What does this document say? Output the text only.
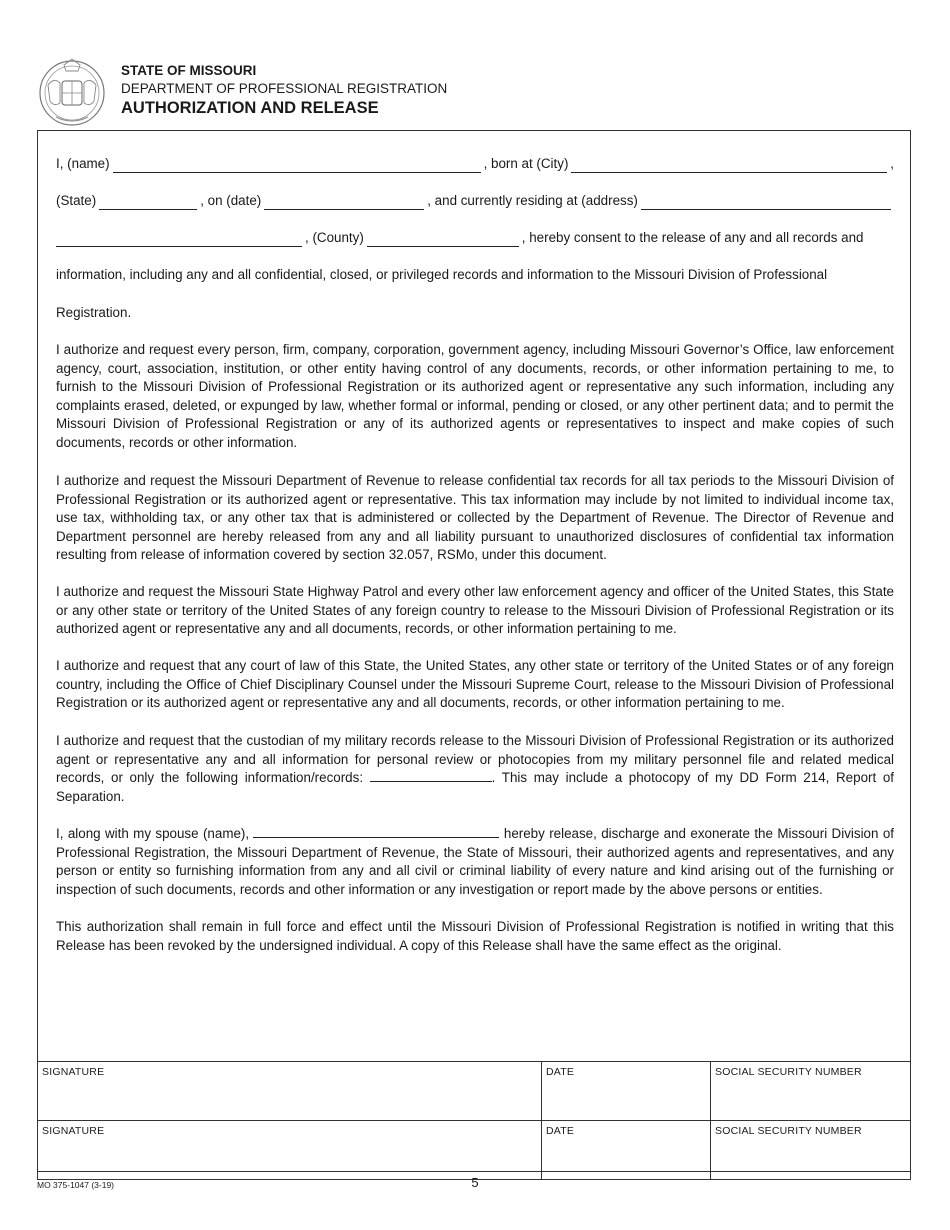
STATE OF MISSOURI
DEPARTMENT OF PROFESSIONAL REGISTRATION
AUTHORIZATION AND RELEASE
I, (name)	, born at (City)	,
(State)	, on (date)	, and currently residing at (address)
, (County)	, hereby consent to the release of any and all records and
information, including any and all confidential, closed, or privileged records and information to the Missouri Division of Professional
Registration.

I authorize and request every person, firm, company, corporation, government agency, including Missouri Governor’s Office, law enforcement agency, court, association, institution, or other entity having control of any documents, records, or other information pertaining to me, to furnish to the Missouri Division of Professional Registration or its authorized agent or representative any such information, including any complaints erased, deleted, or expunged by law, whether formal or informal, pending or closed, or any other pertinent data; and to permit the Missouri Division of Professional Registration or any of its authorized agents or representatives to inspect and make copies of such documents, records or other information.

I authorize and request the Missouri Department of Revenue to release confidential tax records for all tax periods to the Missouri Division of Professional Registration or its authorized agent or representative. This tax information may include by not limited to individual income tax, use tax, withholding tax, or any other tax that is administered or collected by the Department of Revenue. The Director of Revenue and Department personnel are hereby released from any and all liability pursuant to unauthorized disclosures of confidential tax information resulting from release of information covered by section 32.057, RSMo, under this document.

I authorize and request the Missouri State Highway Patrol and every other law enforcement agency and officer of the United States, this State or any other state or territory of the United States of any foreign country to release to the Missouri Division of Professional Registration or its authorized agent or representative any and all documents, records, or other information pertaining to me.

I authorize and request that any court of law of this State, the United States, any other state or territory of the United States or of any foreign country, including the Office of Chief Disciplinary Counsel under the Missouri Supreme Court, release to the Missouri Division of Professional Registration or its authorized agent or representative any and all documents, records, or other information pertaining to me.

I authorize and request that the custodian of my military records release to the Missouri Division of Professional Registration or its authorized agent or representative any and all information for personal review or photocopies from my military personnel file and related medical records, or only the following information/records:	. This may include a photocopy of my DD Form 214, Report of Separation.

I, along with my spouse (name),	hereby release, discharge and exonerate the Missouri Division of Professional Registration, the Missouri Department of Revenue, the State of Missouri, their authorized agents and representatives, and any person or entity so furnishing information from any and all civil or criminal liability of every nature and kind arising out of the furnishing or inspection of such documents, records and other information or any investigation or report made by the above persons or entities.

This authorization shall remain in full force and effect until the Missouri Division of Professional Registration is notified in writing that this Release has been revoked by the undersigned individual. A copy of this Release shall have the same effect as the original.

SIGNATURE	DATE	SOCIAL SECURITY NUMBER
SIGNATURE	DATE	SOCIAL SECURITY NUMBER
MO 375-1047 (3-19)	5
